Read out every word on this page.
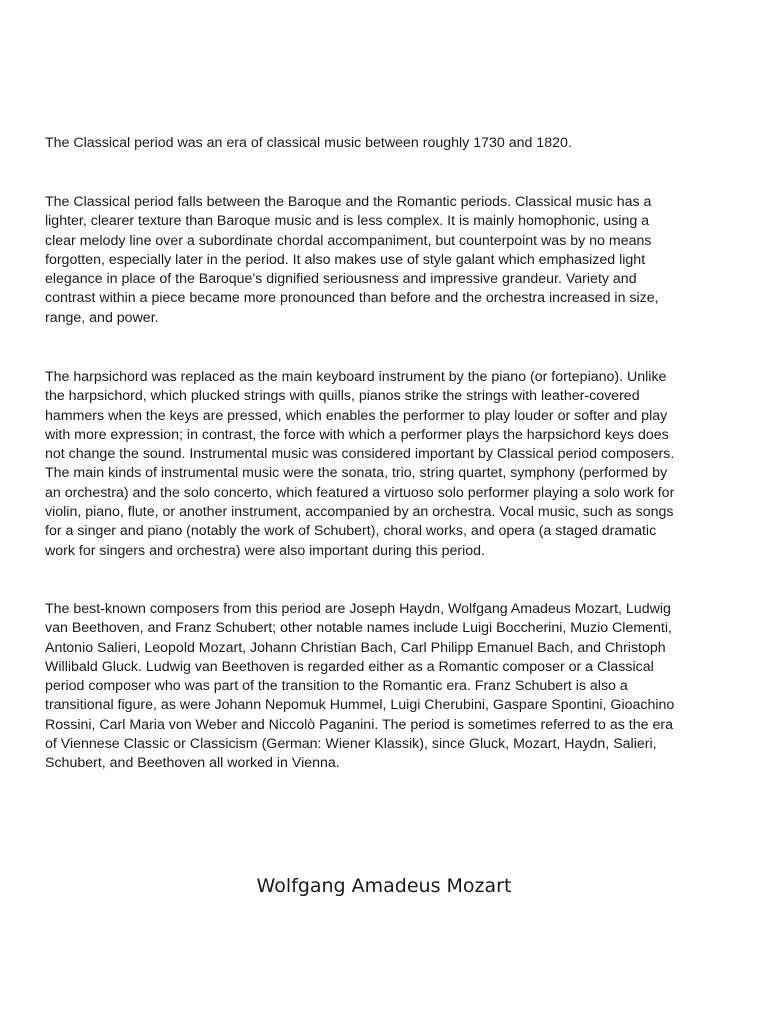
The Classical period was an era of classical music between roughly 1730 and 1820.

The Classical period falls between the Baroque and the Romantic periods. Classical music has a
lighter, clearer texture than Baroque music and is less complex. It is mainly homophonic, using a
clear melody line over a subordinate chordal accompaniment, but counterpoint was by no means
forgotten, especially later in the period. It also makes use of style galant which emphasized light
elegance in place of the Baroque's dignified seriousness and impressive grandeur. Variety and
contrast within a piece became more pronounced than before and the orchestra increased in size,
range, and power.

The harpsichord was replaced as the main keyboard instrument by the piano (or fortepiano). Unlike
the harpsichord, which plucked strings with quills, pianos strike the strings with leather-covered
hammers when the keys are pressed, which enables the performer to play louder or softer and play
with more expression; in contrast, the force with which a performer plays the harpsichord keys does
not change the sound. Instrumental music was considered important by Classical period composers.
The main kinds of instrumental music were the sonata, trio, string quartet, symphony (performed by
an orchestra) and the solo concerto, which featured a virtuoso solo performer playing a solo work for
violin, piano, flute, or another instrument, accompanied by an orchestra. Vocal music, such as songs
for a singer and piano (notably the work of Schubert), choral works, and opera (a staged dramatic
work for singers and orchestra) were also important during this period.

The best-known composers from this period are Joseph Haydn, Wolfgang Amadeus Mozart, Ludwig
van Beethoven, and Franz Schubert; other notable names include Luigi Boccherini, Muzio Clementi,
Antonio Salieri, Leopold Mozart, Johann Christian Bach, Carl Philipp Emanuel Bach, and Christoph
Willibald Gluck. Ludwig van Beethoven is regarded either as a Romantic composer or a Classical
period composer who was part of the transition to the Romantic era. Franz Schubert is also a
transitional figure, as were Johann Nepomuk Hummel, Luigi Cherubini, Gaspare Spontini, Gioachino
Rossini, Carl Maria von Weber and Niccolò Paganini. The period is sometimes referred to as the era
of Viennese Classic or Classicism (German: Wiener Klassik), since Gluck, Mozart, Haydn, Salieri,
Schubert, and Beethoven all worked in Vienna.

Wolfgang Amadeus Mozart
